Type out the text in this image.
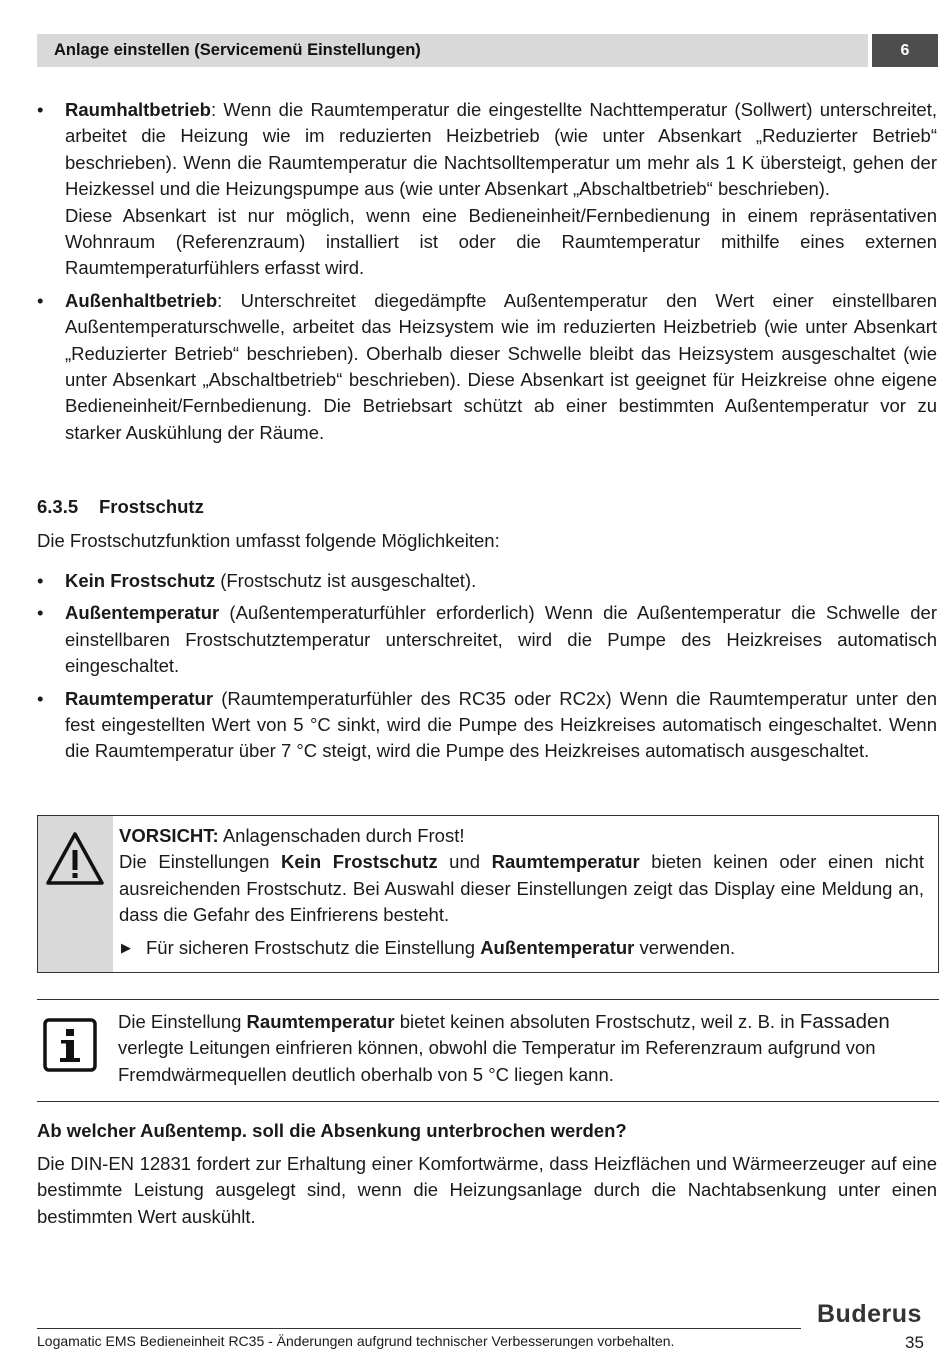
Anlage einstellen (Servicemenü Einstellungen)	6
• Raumhaltbetrieb: Wenn die Raumtemperatur die eingestellte Nachttemperatur (Sollwert) unterschreitet, arbeitet die Heizung wie im reduzierten Heizbetrieb (wie unter Absenkart „Reduzierter Betrieb“ beschrieben). Wenn die Raumtemperatur die Nachtsolltemperatur um mehr als 1 K übersteigt, gehen der Heizkessel und die Heizungspumpe aus (wie unter Absenkart „Abschaltbetrieb“ beschrieben).
Diese Absenkart ist nur möglich, wenn eine Bedieneinheit/Fernbedienung in einem repräsentativen Wohnraum (Referenzraum) installiert ist oder die Raumtemperatur mithilfe eines externen Raumtemperaturfühlers erfasst wird.
• Außenhaltbetrieb: Unterschreitet diegedämpfte Außentemperatur den Wert einer einstellbaren Außentemperaturschwelle, arbeitet das Heizsystem wie im reduzierten Heizbetrieb (wie unter Absenkart „Reduzierter Betrieb“ beschrieben). Oberhalb dieser Schwelle bleibt das Heizsystem ausgeschaltet (wie unter Absenkart „Abschaltbetrieb“ beschrieben). Diese Absenkart ist geeignet für Heizkreise ohne eigene Bedieneinheit/Fernbedienung. Die Betriebsart schützt ab einer bestimmten Außentemperatur vor zu starker Auskühlung der Räume.
6.3.5 Frostschutz
Die Frostschutzfunktion umfasst folgende Möglichkeiten:
• Kein Frostschutz (Frostschutz ist ausgeschaltet).
• Außentemperatur (Außentemperaturfühler erforderlich) Wenn die Außentemperatur die Schwelle der einstellbaren Frostschutztemperatur unterschreitet, wird die Pumpe des Heizkreises automatisch eingeschaltet.
• Raumtemperatur (Raumtemperaturfühler des RC35 oder RC2x) Wenn die Raumtemperatur unter den fest eingestellten Wert von 5 °C sinkt, wird die Pumpe des Heizkreises automatisch eingeschaltet. Wenn die Raumtemperatur über 7 °C steigt, wird die Pumpe des Heizkreises automatisch ausgeschaltet.
VORSICHT: Anlagenschaden durch Frost!
Die Einstellungen Kein Frostschutz und Raumtemperatur bieten keinen oder einen nicht ausreichenden Frostschutz. Bei Auswahl dieser Einstellungen zeigt das Display eine Meldung an, dass die Gefahr des Einfrierens besteht.
▶ Für sicheren Frostschutz die Einstellung Außentemperatur verwenden.
Die Einstellung Raumtemperatur bietet keinen absoluten Frostschutz, weil z. B. in Fassaden verlegte Leitungen einfrieren können, obwohl die Temperatur im Referenzraum aufgrund von Fremdwärmequellen deutlich oberhalb von 5 °C liegen kann.
Ab welcher Außentemp. soll die Absenkung unterbrochen werden?
Die DIN-EN 12831 fordert zur Erhaltung einer Komfortwärme, dass Heizflächen und Wärmeerzeuger auf eine bestimmte Leistung ausgelegt sind, wenn die Heizungsanlage durch die Nachtabsenkung unter einen bestimmten Wert auskühlt.
Buderus
Logamatic EMS Bedieneinheit RC35 - Änderungen aufgrund technischer Verbesserungen vorbehalten.	35
